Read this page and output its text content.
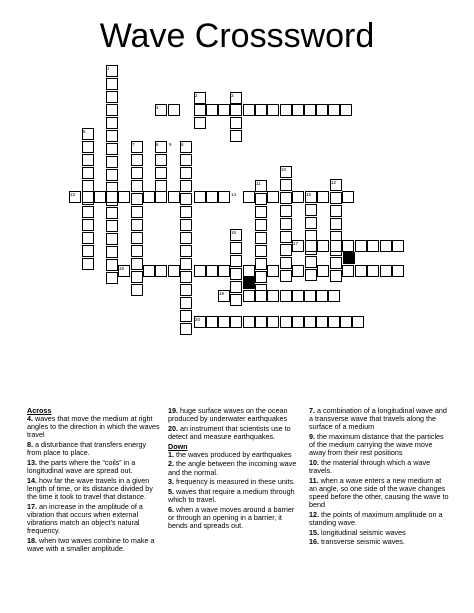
Wave Crosssword
1
2	3
4
5
6
7	8
9
10
11	12
13	14	15
16
17
18
19
20
Across
4. waves that move the medium at right angles to the direction in which the waves travel
8. a disturbance that transfers energy from place to place.
13. the parts where the “coils” in a longitudinal wave are spread out.
14. how far the wave travels in a given length of time, or its distance divided by the time it took to travel that distance.
17. an increase in the amplitude of a vibration that occurs when external vibrations match an object’s natural frequency.
18. when two waves combine to make a wave with a smaller amplitude.
19. huge surface waves on the ocean produced by underwater earthquakes
20. an instrument that scientists use to detect and measure earthquakes.
Down
1. the waves produced by earthquakes
2. the angle between the incoming wave and the normal.
3. frequency is measured in these units.
5. waves that require a medium through which to travel.
6. when a wave moves around a barrier or through an opening in a barrier, it bends and spreads out.
7. a combination of a longitudinal wave and a transverse wave that travels along the surface of a medium
9. the maximum distance that the particles of the medium carrying the wave move away from their rest positions
10. the material through which a wave travels.
11. when a wave enters a new medium at an angle, so one side of the wave changes speed before the other, causing the wave to bend
12. the points of maximum amplitude on a standing wave.
15. longitudinal seismic waves
16. transverse seismic waves.
